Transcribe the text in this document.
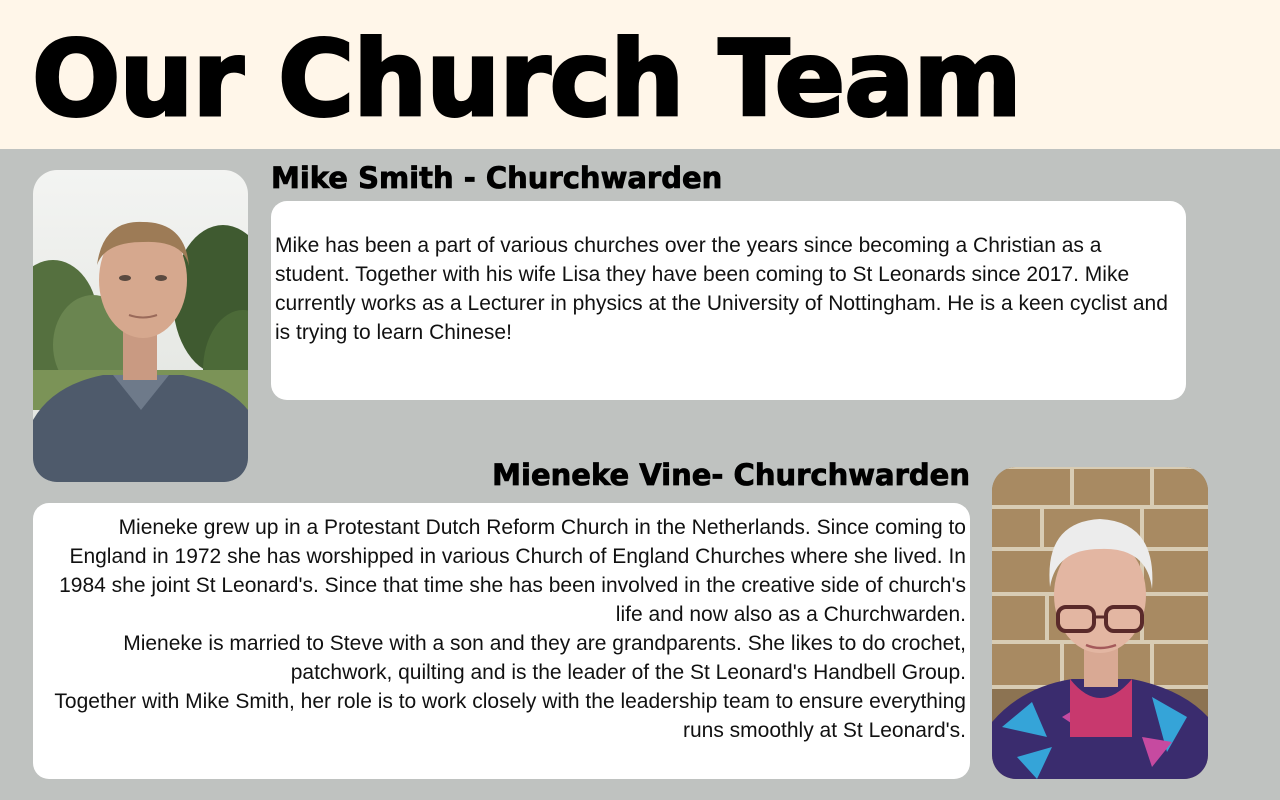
Our Church Team
Mike Smith - Churchwarden

Mike has been a part of various churches over the years since becoming a Christian as a student. Together with his wife Lisa they have been coming to St Leonards since 2017. Mike currently works as a Lecturer in physics at the University of Nottingham. He is a keen cyclist and is trying to learn Chinese!

Mieneke Vine- Churchwarden

Mieneke grew up in a Protestant Dutch Reform Church in the Netherlands. Since coming to England in 1972 she has worshipped in various Church of England Churches where she lived. In 1984 she joint St Leonard's. Since that time she has been involved in the creative side of church's life and now also as a Churchwarden.

Mieneke is married to Steve with a son and they are grandparents. She likes to do crochet, patchwork, quilting and is the leader of the St Leonard's Handbell Group.

Together with Mike Smith, her role is to work closely with the leadership team to ensure everything runs smoothly at St Leonard's.
